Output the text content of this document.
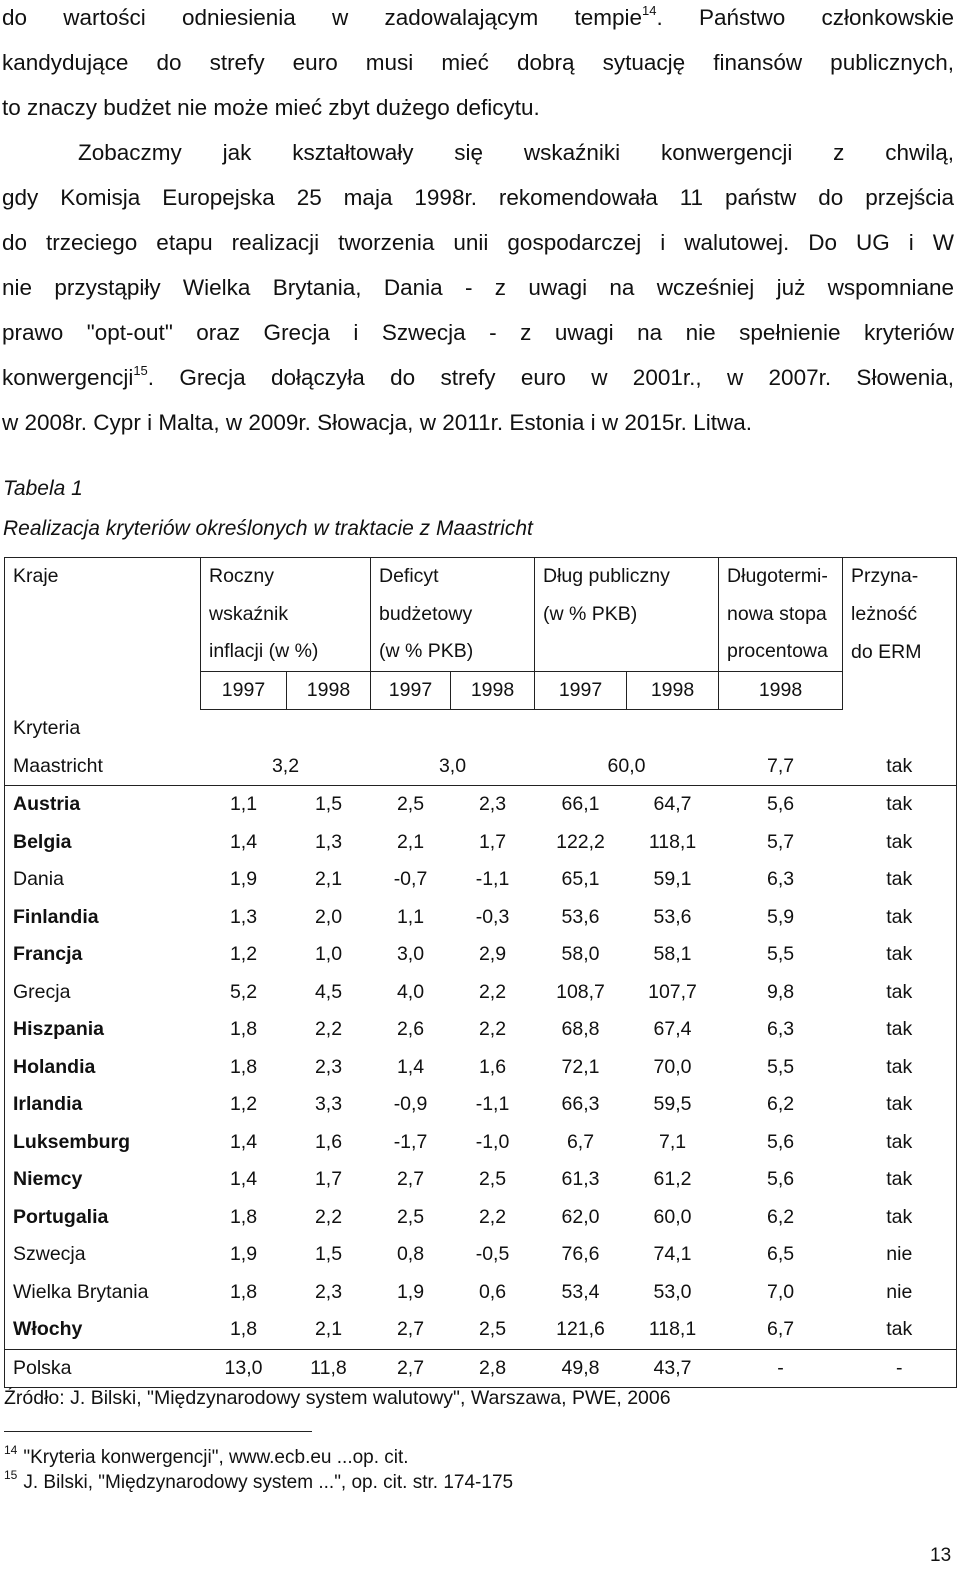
do wartości odniesienia w zadowalającym tempie$^{14}$. Państwo członkowskie
kandydujące do strefy euro musi mieć dobrą sytuację finansów publicznych,
to znaczy budżet nie może mieć zbyt dużego deficytu.
Zobaczmy jak kształtowały się wskaźniki konwergencji z chwilą,
gdy Komisja Europejska 25 maja 1998r. rekomendowała 11 państw do przejścia
do trzeciego etapu realizacji tworzenia unii gospodarczej i walutowej. Do UG i W
nie przystąpiły Wielka Brytania, Dania - z uwagi na wcześniej już wspomniane
prawo "opt-out" oraz Grecja i Szwecja - z uwagi na nie spełnienie kryteriów
konwergencji$^{15}$. Grecja dołączyła do strefy euro w 2001r., w 2007r. Słowenia,
w 2008r. Cypr i Malta, w 2009r. Słowacja, w 2011r. Estonia i w 2015r. Litwa.

Tabela 1

Realizacja kryteriów określonych w traktacie z Maastricht

Kraje	Roczny		Deficyt		Dług publiczny		Długotermi-	Przyna-
	wskaźnik		budżetowy		(w % PKB)		nowa stopa	leżność
	inflacji (w %)		(w % PKB)				procentowa	do ERM
	1997	1998	1997	1998	1997	1998	1998	
Kryteria								
Maastricht	3,2		3,0		60,0		7,7	tak
Austria	1,1	1,5	2,5	2,3	66,1	64,7	5,6	tak
Belgia	1,4	1,3	2,1	1,7	122,2	118,1	5,7	tak
Dania	1,9	2,1	-0,7	-1,1	65,1	59,1	6,3	tak
Finlandia	1,3	2,0	1,1	-0,3	53,6	53,6	5,9	tak
Francja	1,2	1,0	3,0	2,9	58,0	58,1	5,5	tak
Grecja	5,2	4,5	4,0	2,2	108,7	107,7	9,8	tak
Hiszpania	1,8	2,2	2,6	2,2	68,8	67,4	6,3	tak
Holandia	1,8	2,3	1,4	1,6	72,1	70,0	5,5	tak
Irlandia	1,2	3,3	-0,9	-1,1	66,3	59,5	6,2	tak
Luksemburg	1,4	1,6	-1,7	-1,0	6,7	7,1	5,6	tak
Niemcy	1,4	1,7	2,7	2,5	61,3	61,2	5,6	tak
Portugalia	1,8	2,2	2,5	2,2	62,0	60,0	6,2	tak
Szwecja	1,9	1,5	0,8	-0,5	76,6	74,1	6,5	nie
Wielka Brytania	1,8	2,3	1,9	0,6	53,4	53,0	7,0	nie
Włochy	1,8	2,1	2,7	2,5	121,6	118,1	6,7	tak
Polska	13,0	11,8	2,7	2,8	49,8	43,7	-	-

Źródło: J. Bilski, "Międzynarodowy system walutowy", Warszawa, PWE, 2006

$^{14}$ "Kryteria konwergencji", www.ecb.eu ...op. cit.

$^{15}$ J. Bilski, "Międzynarodowy system ...", op. cit. str. 174-175

13
